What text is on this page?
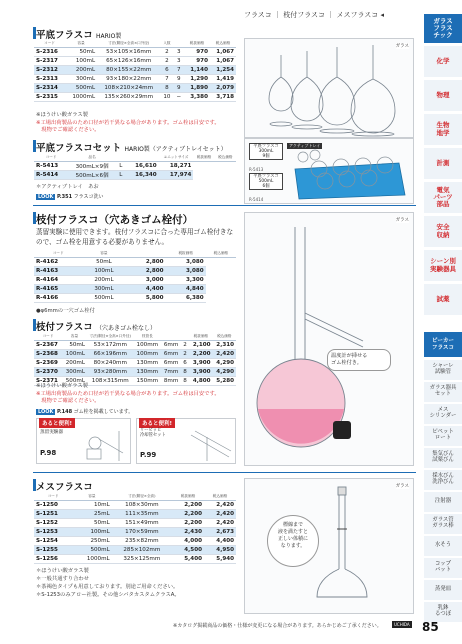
フラスコ ｜ 枝付フラスコ ｜ メスフラスコ ◂
平底フラスコ HARIO製
コード	容量	寸法(胴径×全高×口外径)	入数		税抜価格	税込価格
S-2316	50mL	53×105×16mm	2	3	970	1,067
S-2317	100mL	65×126×16mm	2	3	970	1,067
S-2312	200mL	80×155×22mm	6	7	1,140	1,254
S-2313	300mL	93×180×22mm	7	9	1,290	1,419
S-2314	500mL	108×210×24mm	8	9	1,890	2,079
S-2315	1000mL	135×260×29mm	10	−	3,380	3,718
※ほうけい酸ガラス製
※工場出荷製品のため口径が若干異なる場合があります。ゴム栓は目安です。
　現物でご確認ください。
ガラス
平底フラスコセット HARIO製（アクティブトレイセット）
コード	品名			ユニットサイズ	税抜価格	税込価格
R-5413	300mL×9個	L	16,610	18,271		
R-5414	500mL×6個	L	16,340	17,974		
＊アクティブトレイ　あお
LOOK P.351 フラスコ洗い
平底フラスコ
300mL
9個
R-5413
アクティブトレイ
平底フラスコ
500mL
6個
R-5414
枝付フラスコ（穴あきゴム栓付）
蒸留実験に使用できます。枝付フラスコに合った専用ゴム栓付きなので、ゴム栓を用意する必要がありません。
コード	容量		税抜価格	税込価格
R-4162	50mL	2,800	3,080	
R-4163	100mL	2,800	3,080	
R-4164	200mL	3,000	3,300	
R-4165	300mL	4,400	4,840	
R-4166	500mL	5,800	6,380	
●φ6mmの一穴ゴム栓付
枝付フラスコ （穴あきゴム栓なし）
コード	容量	寸法(胴径×全高×口外径)	枝管長			税抜価格	税込価格
S-2367	50mL	53×172mm	100mm	6mm	2	2,100	2,310
S-2368	100mL	66×196mm	100mm	6mm	2	2,200	2,420
S-2369	200mL	80×240mm	130mm	6mm	6	3,900	4,290
S-2370	300mL	93×280mm	130mm	7mm	8	3,900	4,290
S-2371	500mL	108×315mm	150mm	8mm	8	4,800	5,280
※ほうけい酸ガラス製
※工場出荷製品のため口径が若干異なる場合があります。ゴム栓は目安です。
　現物でご確認ください。
LOOK P.148 ゴム栓を掲載しています。
あると便利!
蒸留実験器
P.98
あると便利!
リービッヒ
冷却管セット
P.99
ガラス
温度計が挿せる
ゴム栓付き。
メスフラスコ
コード	容量	寸法(胴径×全高)	税抜価格	税込価格
S-1250	10mL	108×30mm	2,200	2,420
S-1251	25mL	111×35mm	2,200	2,420
S-1252	50mL	151×49mm	2,200	2,420
S-1253	100mL	170×59mm	2,430	2,673
S-1254	250mL	235×82mm	4,000	4,400
S-1255	500mL	285×102mm	4,500	4,950
S-1256	1000mL	325×125mm	5,400	5,940
＊ほうけい酸ガラス製
＊一般共通すり合わせ
＊茶褐色タイプも用意しております。別途ご用命ください。
＊S-1253のみアロー社製。その他シバタカスタムクラスA。
ガラス
標線まで
液を満たすと
正しい体積に
なります。
ガラス
フラス
チック
化学
物理
生物
地学
計測
電気
パーツ
部品
安全
収納
シーン別
実験器具
試薬
ビーカー
フラスコ
シャーレ
試験管
ガラス器具
セット
メス
シリンダー
ピペット
ロート
集気びん
試薬びん
採水びん
洗浄びん
注射器
ガラス管
ガラス棒
水そう
コップ
バット
蒸発皿
乳鉢
るつぼ
※カタログ掲載商品の価格・仕様が変更になる場合があります。あらかじめご了承ください。	UCHIDA 85
